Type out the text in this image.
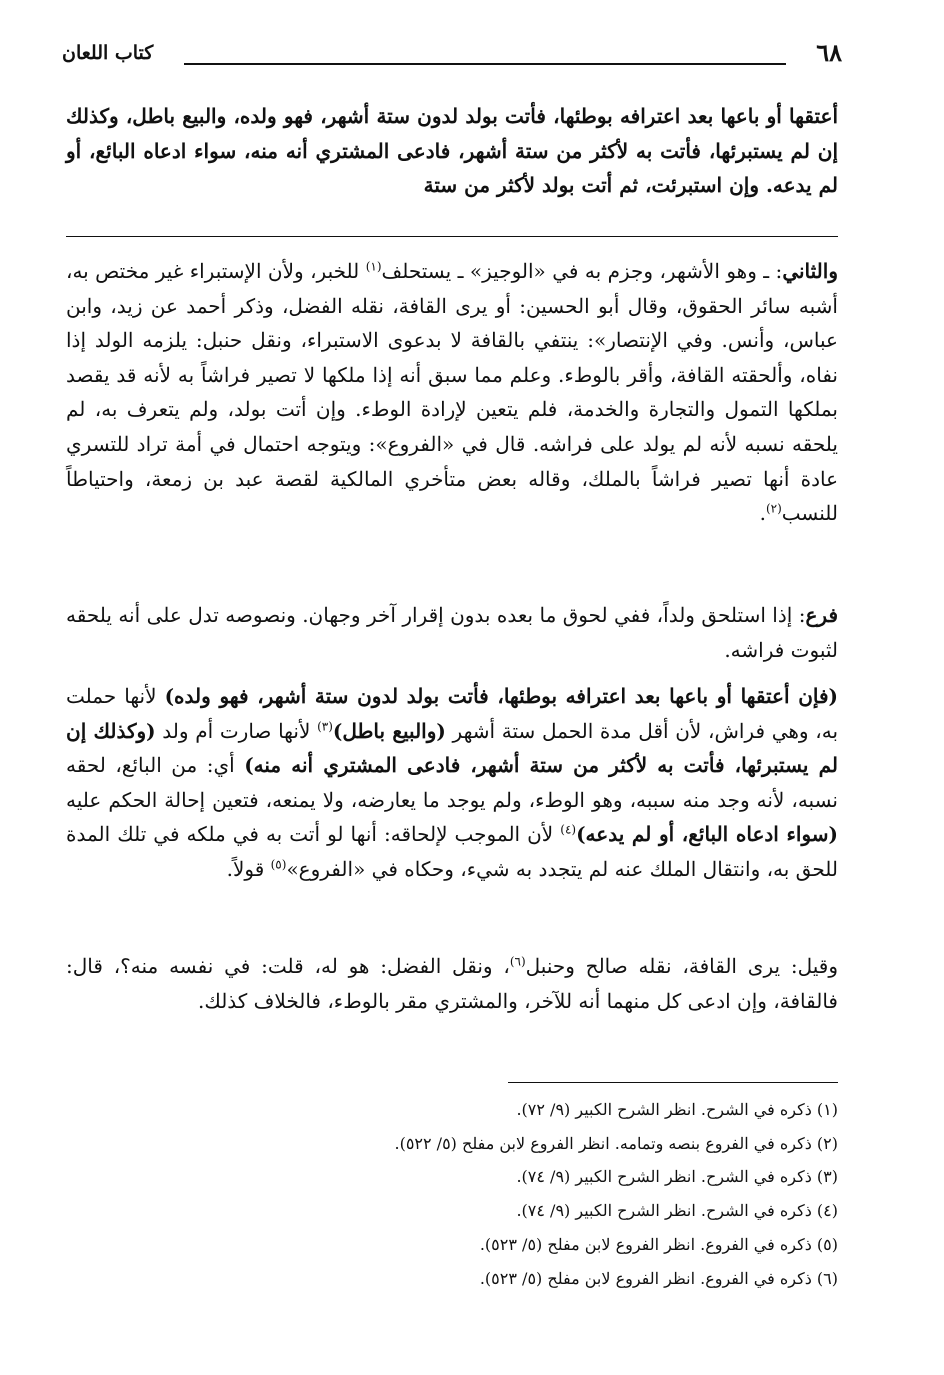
٦٨
كتاب اللعان
أعتقها أو باعها بعد اعترافه بوطئها، فأتت بولد لدون ستة أشهر، فهو ولده، والبيع باطل، وكذلك إن لم يستبرئها، فأتت به لأكثر من ستة أشهر، فادعى المشتري أنه منه، سواء ادعاه البائع، أو لم يدعه. وإن استبرئت، ثم أتت بولد لأكثر من ستة
والثاني: ـ وهو الأشهر، وجزم به في «الوجيز» ـ يستحلف$^{(١)}$ للخبر، ولأن الإستبراء غير مختص به، أشبه سائر الحقوق، وقال أبو الحسين: أو يرى القافة، نقله الفضل، وذكر أحمد عن زيد، وابن عباس، وأنس. وفي الإنتصار»: ينتفي بالقافة لا بدعوى الاستبراء، ونقل حنبل: يلزمه الولد إذا نفاه، وألحقته القافة، وأقر بالوطء. وعلم مما سبق أنه إذا ملكها لا تصير فراشاً به لأنه قد يقصد بملكها التمول والتجارة والخدمة، فلم يتعين لإرادة الوطء. وإن أتت بولد، ولم يتعرف به، لم يلحقه نسبه لأنه لم يولد على فراشه. قال في «الفروع»: ويتوجه احتمال في أمة تراد للتسري عادة أنها تصير فراشاً بالملك، وقاله بعض متأخري المالكية لقصة عبد بن زمعة، واحتياطاً للنسب$^{(٢)}$.
فرع: إذا استلحق ولداً، ففي لحوق ما بعده بدون إقرار آخر وجهان. ونصوصه تدل على أنه يلحقه لثبوت فراشه.
(فإن أعتقها أو باعها بعد اعترافه بوطئها، فأتت بولد لدون ستة أشهر، فهو ولده) لأنها حملت به، وهي فراش، لأن أقل مدة الحمل ستة أشهر (والبيع باطل)$^{(٣)}$ لأنها صارت أم ولد (وكذلك إن لم يستبرئها، فأتت به لأكثر من ستة أشهر، فادعى المشتري أنه منه) أي: من البائع، لحقه نسبه، لأنه وجد منه سببه، وهو الوطء، ولم يوجد ما يعارضه، ولا يمنعه، فتعين إحالة الحكم عليه (سواء ادعاه البائع، أو لم يدعه)$^{(٤)}$ لأن الموجب لإلحاقه: أنها لو أتت به في ملكه في تلك المدة للحق به، وانتقال الملك عنه لم يتجدد به شيء، وحكاه في «الفروع»$^{(٥)}$ قولاً.
وقيل: يرى القافة، نقله صالح وحنبل$^{(٦)}$، ونقل الفضل: هو له، قلت: في نفسه منه؟، قال: فالقافة، وإن ادعى كل منهما أنه للآخر، والمشتري مقر بالوطء، فالخلاف كذلك.
(١) ذكره في الشرح. انظر الشرح الكبير (٩/ ٧٢).
(٢) ذكره في الفروع بنصه وتمامه. انظر الفروع لابن مفلح (٥/ ٥٢٢).
(٣) ذكره في الشرح. انظر الشرح الكبير (٩/ ٧٤).
(٤) ذكره في الشرح. انظر الشرح الكبير (٩/ ٧٤).
(٥) ذكره في الفروع. انظر الفروع لابن مفلح (٥/ ٥٢٣).
(٦) ذكره في الفروع. انظر الفروع لابن مفلح (٥/ ٥٢٣).
